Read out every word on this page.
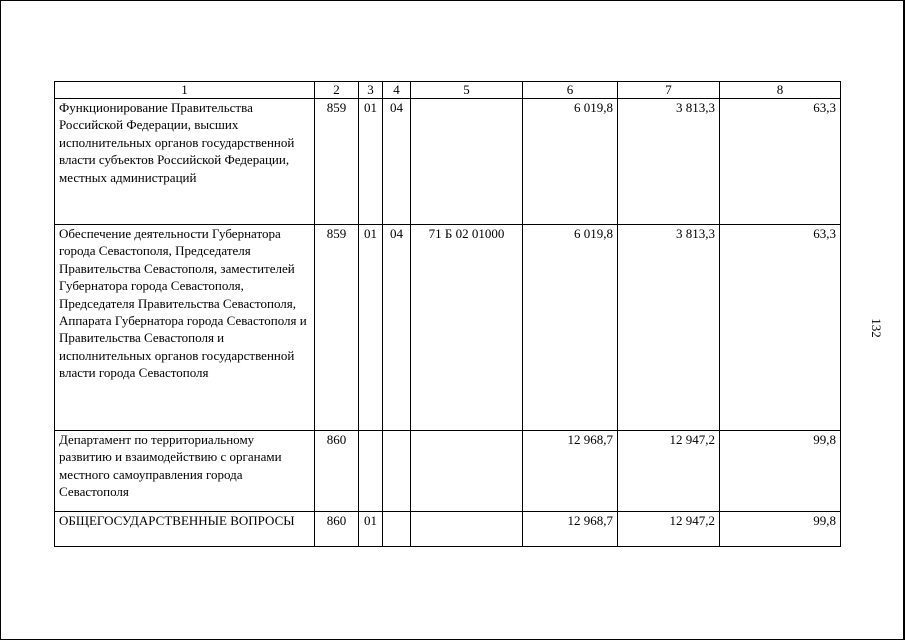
1	2	3	4	5	6	7	8
Функционирование Правительства Российской Федерации, высших исполнительных органов государственной власти субъектов Российской Федерации, местных администраций	859	01	04		6 019,8	3 813,3	63,3
Обеспечение деятельности Губернатора города Севастополя, Председателя Правительства Севастополя, заместителей Губернатора города Севастополя, Председателя Правительства Севастополя, Аппарата Губернатора города Севастополя и Правительства Севастополя и исполнительных органов государственной власти города Севастополя	859	01	04	71 Б 02 01000	6 019,8	3 813,3	63,3
Департамент по территориальному развитию и взаимодействию с органами местного самоуправления города Севастополя	860				12 968,7	12 947,2	99,8
ОБЩЕГОСУДАРСТВЕННЫЕ ВОПРОСЫ	860	01			12 968,7	12 947,2	99,8
132
